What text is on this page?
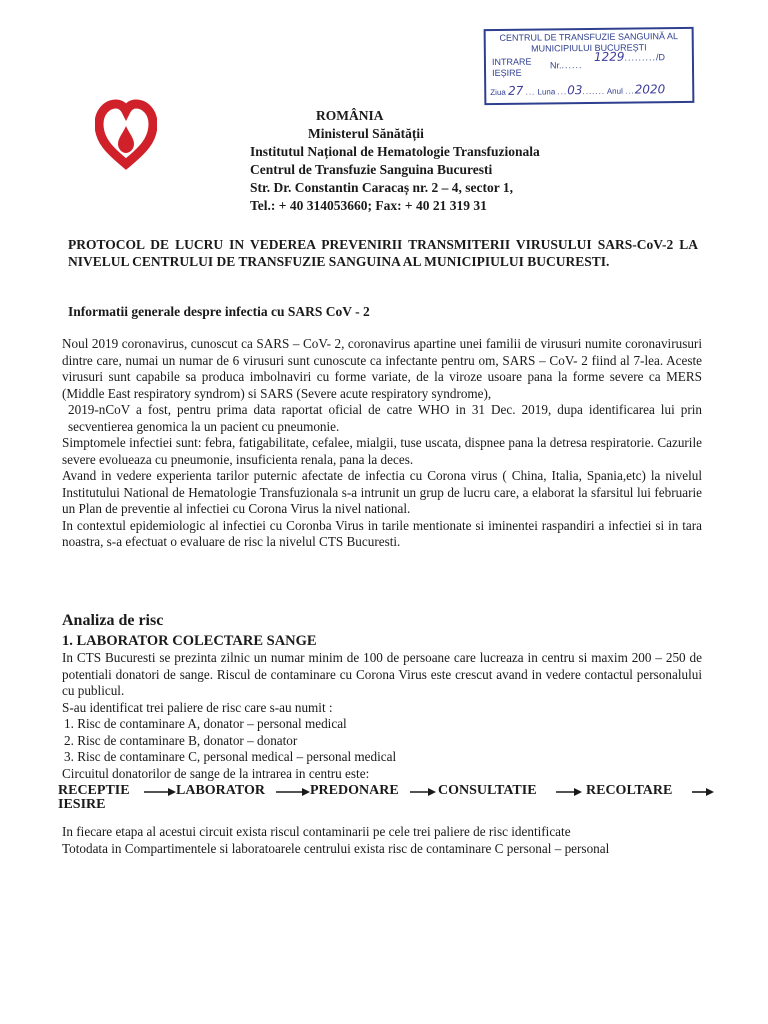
CENTRUL DE TRANSFUZIE SANGUINĂ AL
MUNICIPIULUI BUCUREȘTI
INTRARE
IEȘIRE
Nr.......
1229........./D
Ziua 27 ... Luna ...03....... Anul ...2020
ROMÂNIA
Ministerul Sănătății
Institutul Național de Hematologie Transfuzionala
Centrul de Transfuzie Sanguina Bucuresti
Str. Dr. Constantin Caracaș nr. 2 – 4, sector 1,
Tel.: + 40 314053660; Fax: + 40 21 319 31
PROTOCOL DE LUCRU IN VEDEREA PREVENIRII TRANSMITERII VIRUSULUI SARS-CoV-2 LA NIVELUL CENTRULUI DE TRANSFUZIE SANGUINA AL MUNICIPIULUI BUCURESTI.
Informatii generale despre infectia cu SARS CoV - 2

Noul 2019 coronavirus, cunoscut ca SARS – CoV- 2, coronavirus apartine unei familii de virusuri numite coronavirusuri dintre care, numai un numar de 6 virusuri sunt cunoscute ca infectante pentru om, SARS – CoV- 2 fiind al 7-lea. Aceste virusuri sunt capabile sa produca imbolnaviri cu forme variate, de la viroze usoare pana la forme severe ca MERS (Middle East respiratory syndrom) si SARS (Severe acute respiratory syndrome),

2019-nCoV a fost, pentru prima data raportat oficial de catre WHO in 31 Dec. 2019, dupa identificarea lui prin secventierea genomica la un pacient cu pneumonie.

Simptomele infectiei sunt: febra, fatigabilitate, cefalee, mialgii, tuse uscata, dispnee pana la detresa respiratorie. Cazurile severe evolueaza cu pneumonie, insuficienta renala, pana la deces.

Avand in vedere experienta tarilor puternic afectate de infectia cu Corona virus ( China, Italia, Spania,etc) la nivelul Institutului National de Hematologie Transfuzionala s-a intrunit un grup de lucru care, a elaborat la sfarsitul lui februarie un Plan de preventie al infectiei cu Corona Virus la nivel national.

In contextul epidemiologic al infectiei cu Coronba Virus in tarile mentionate si iminentei raspandiri a infectiei si in tara noastra, s-a efectuat o evaluare de risc la nivelul CTS Bucuresti.

Analiza de risc
1. LABORATOR COLECTARE SANGE

In CTS Bucuresti se prezinta zilnic un numar minim de 100 de persoane care lucreaza in centru si maxim 200 – 250 de potentiali donatori de sange. Riscul de contaminare cu Corona Virus este crescut avand in vedere contactul personalului cu publicul.

S-au identificat trei paliere de risc care s-au numit :

1. Risc de contaminare A, donator – personal medical

2. Risc de contaminare B, donator – donator

3. Risc de contaminare C, personal medical – personal medical

Circuitul donatorilor de sange de la intrarea in centru este:

RECEPTIE	LABORATOR	PREDONARE	CONSULTATIE	RECOLTARE
IESIRE

In fiecare etapa al acestui circuit exista riscul contaminarii pe cele trei paliere de risc identificate

Totodata in Compartimentele si laboratoarele centrului exista risc de contaminare C personal – personal
